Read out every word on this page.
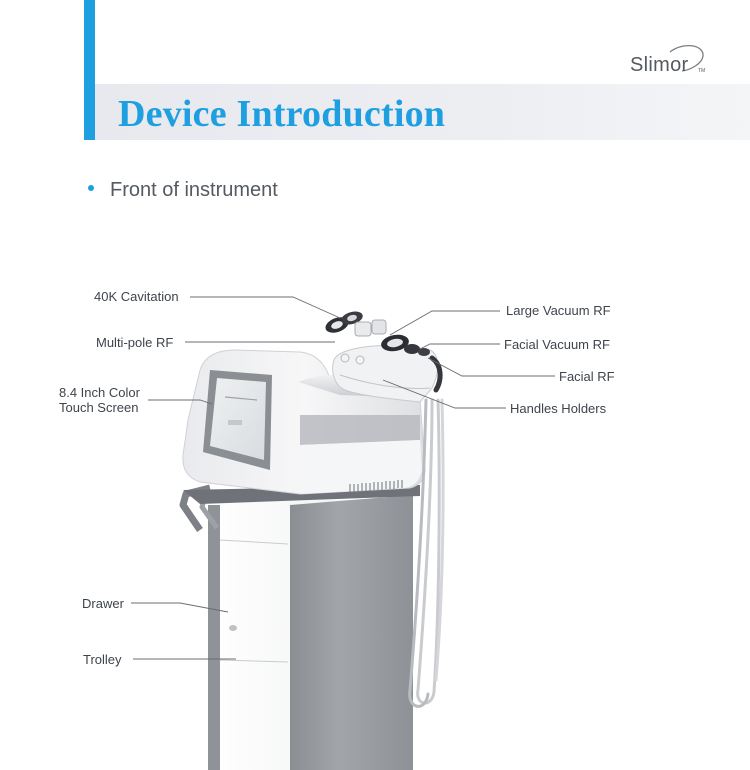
Device Introduction
Slimor TM
Front of instrument
40K Cavitation
Multi-pole RF
8.4 Inch Color
Touch Screen
Drawer
Trolley
Large Vacuum RF
Facial Vacuum RF
Facial RF
Handles Holders
